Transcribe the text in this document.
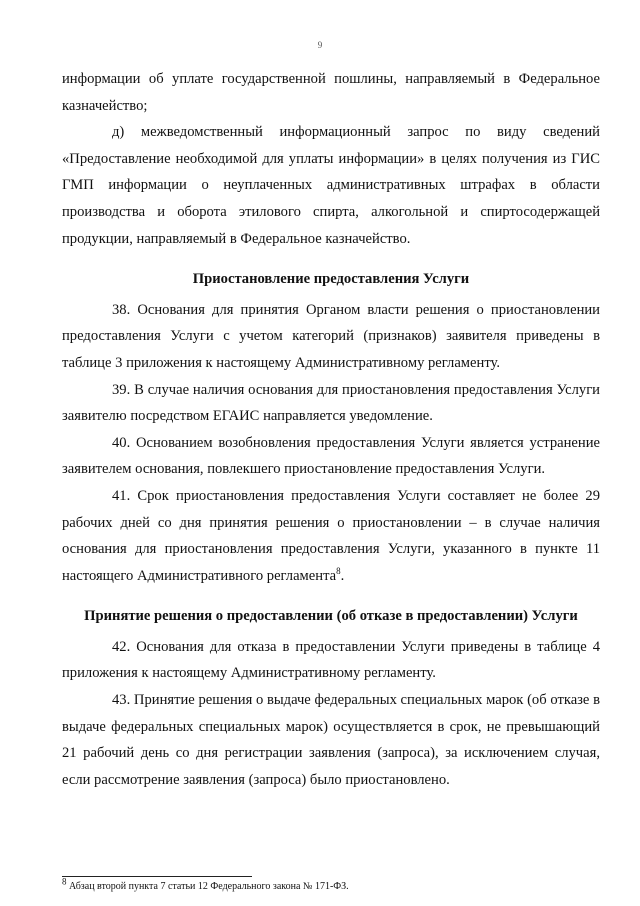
9

информации об уплате государственной пошлины, направляемый в Федеральное казначейство;

д) межведомственный информационный запрос по виду сведений «Предоставление необходимой для уплаты информации» в целях получения из ГИС ГМП информации о неуплаченных административных штрафах в области производства и оборота этилового спирта, алкогольной и спиртосодержащей продукции, направляемый в Федеральное казначейство.

Приостановление предоставления Услуги

38. Основания для принятия Органом власти решения о приостановлении предоставления Услуги с учетом категорий (признаков) заявителя приведены в таблице 3 приложения к настоящему Административному регламенту.

39. В случае наличия основания для приостановления предоставления Услуги заявителю посредством ЕГАИС направляется уведомление.

40. Основанием возобновления предоставления Услуги является устранение заявителем основания, повлекшего приостановление предоставления Услуги.

41. Срок приостановления предоставления Услуги составляет не более 29 рабочих дней со дня принятия решения о приостановлении – в случае наличия основания для приостановления предоставления Услуги, указанного в пункте 11 настоящего Административного регламента$^8$.

Принятие решения о предоставлении (об отказе в предоставлении) Услуги

42. Основания для отказа в предоставлении Услуги приведены в таблице 4 приложения к настоящему Административному регламенту.

43. Принятие решения о выдаче федеральных специальных марок (об отказе в выдаче федеральных специальных марок) осуществляется в срок, не превышающий 21 рабочий день со дня регистрации заявления (запроса), за исключением случая, если рассмотрение заявления (запроса) было приостановлено.

$^8$ Абзац второй пункта 7 статьи 12 Федерального закона № 171-ФЗ.
